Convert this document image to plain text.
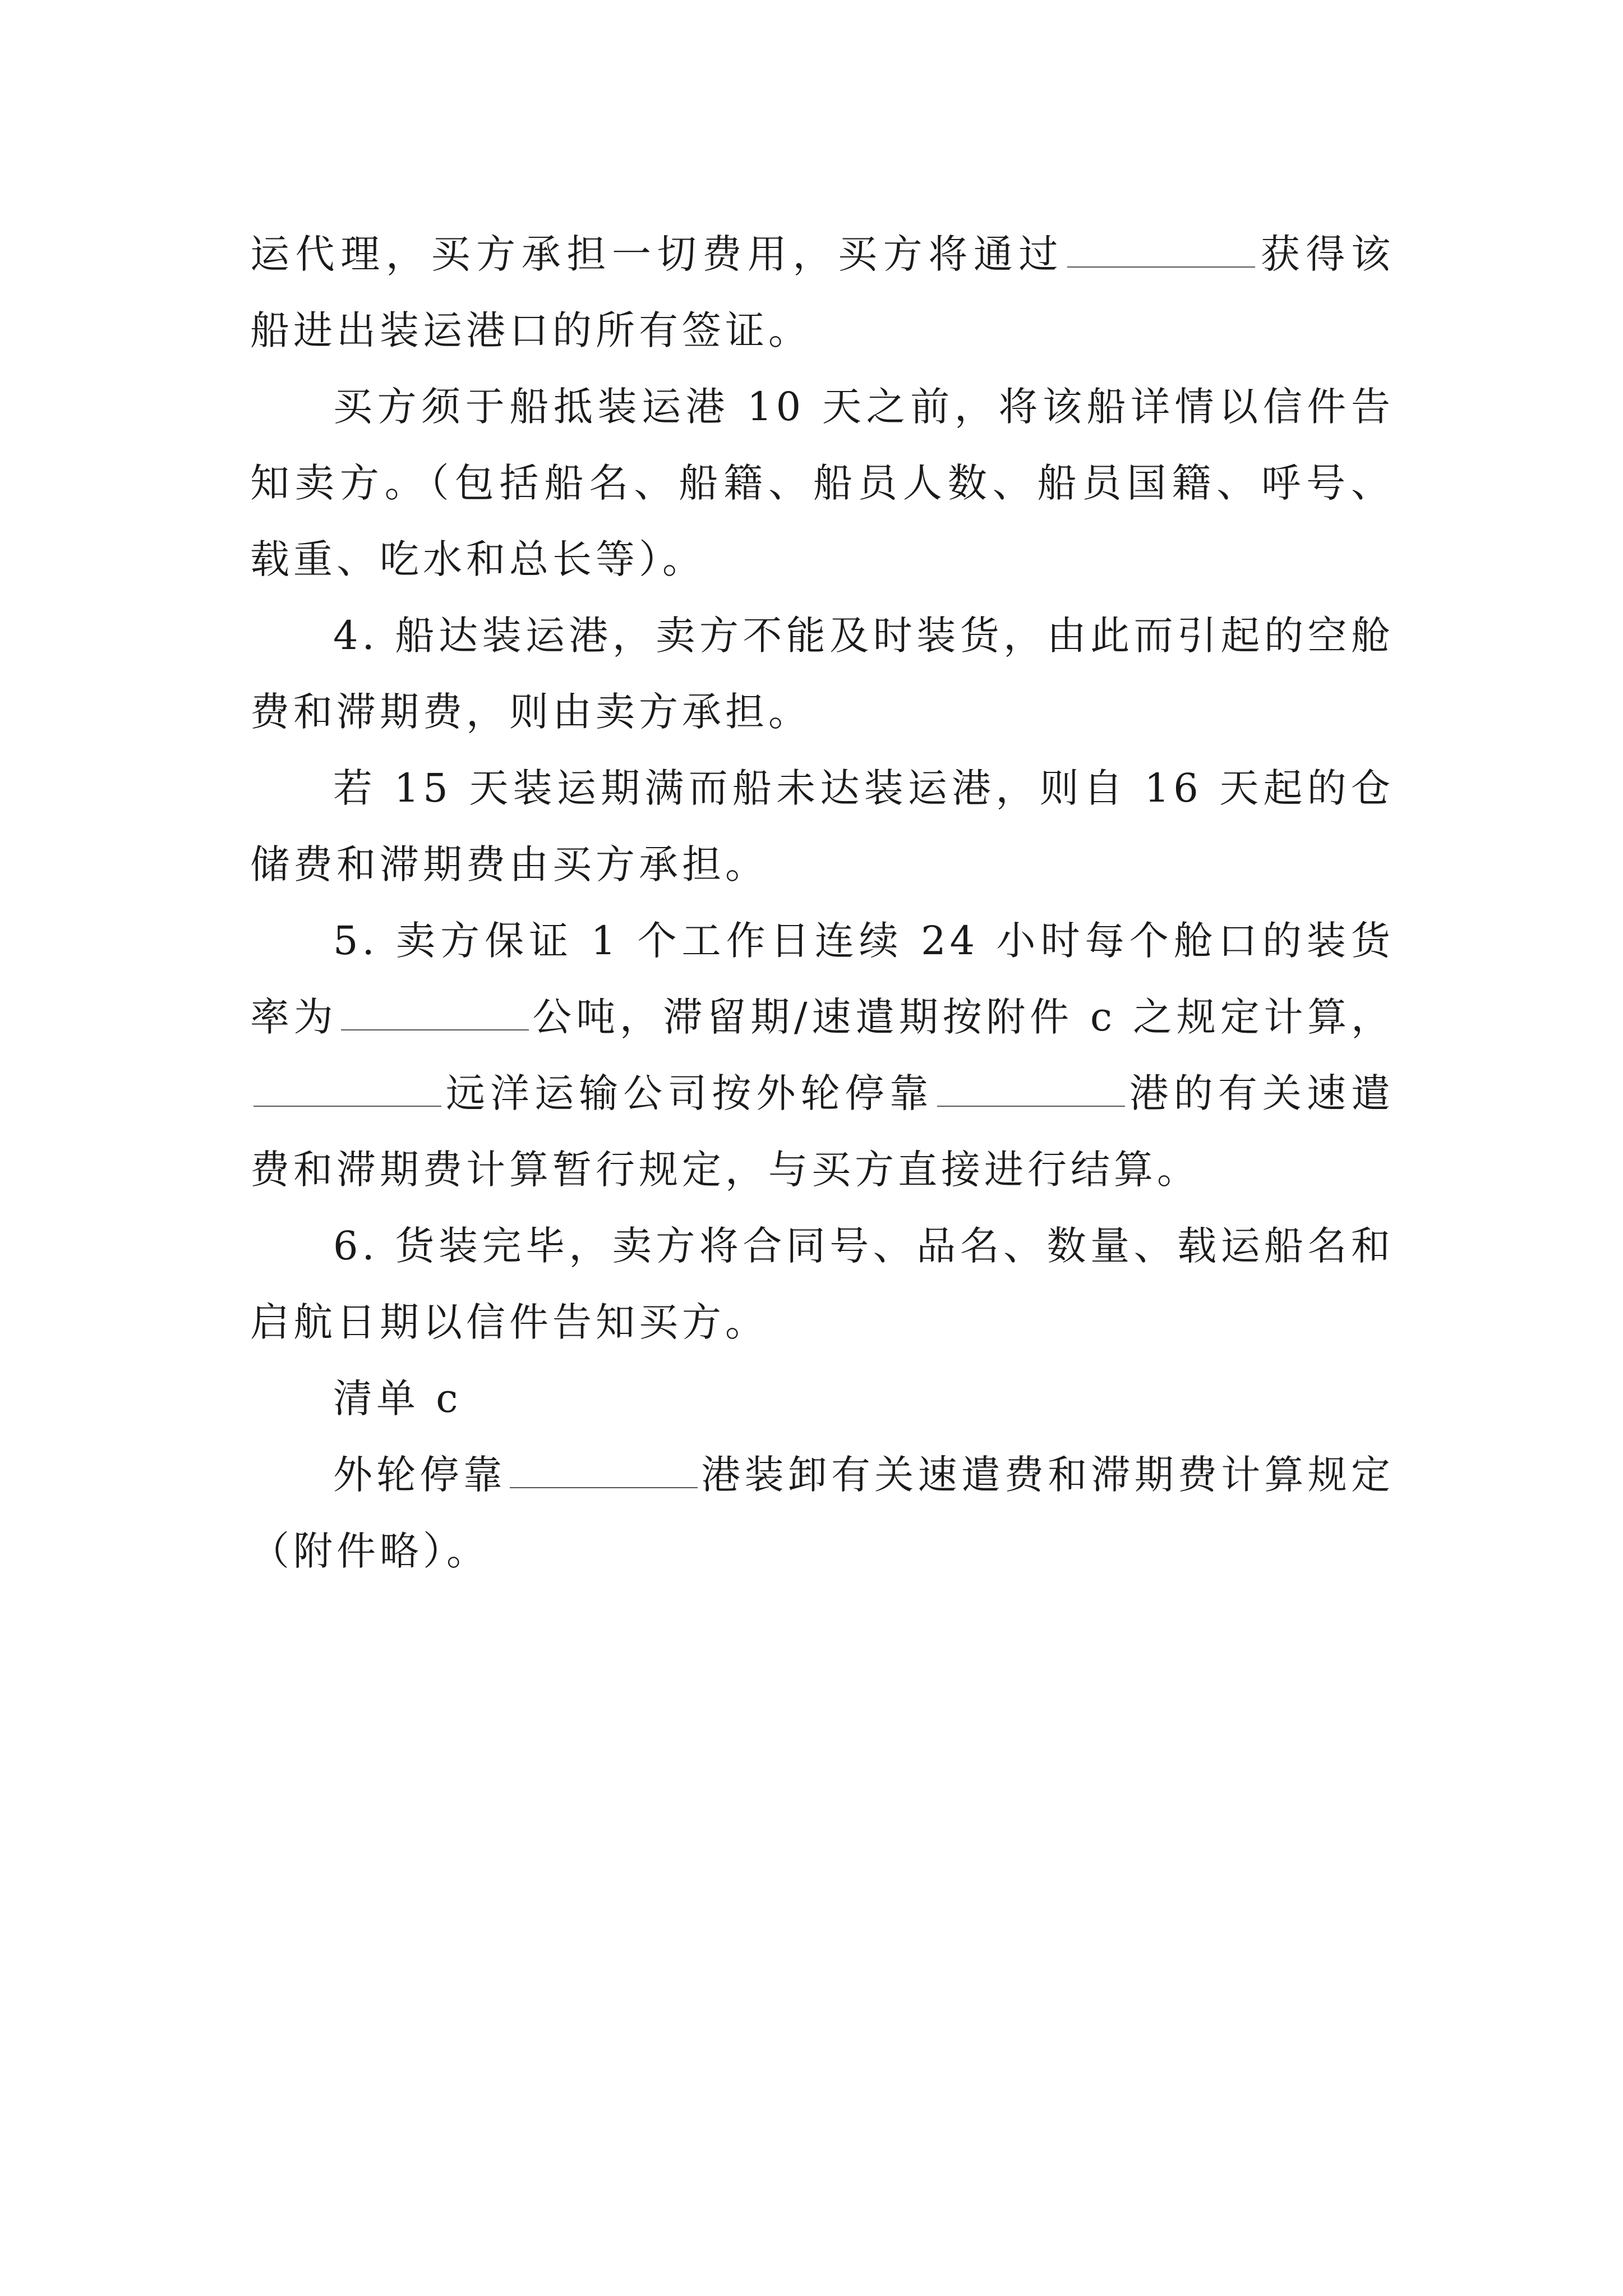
运代理，买方承担一切费用，买方将通过	获得该船进出装运港口的所有签证。

买方须于船抵装运港 10 天之前，将该船详情以信件告知卖方。（包括船名、船籍、船员人数、船员国籍、呼号、载重、吃水和总长等）。

4. 船达装运港，卖方不能及时装货，由此而引起的空舱费和滞期费，则由卖方承担。

若 15 天装运期满而船未达装运港，则自 16 天起的仓储费和滞期费由买方承担。

5. 卖方保证 1 个工作日连续 24 小时每个舱口的装货率为	公吨，滞留期/速遣期按附件 c 之规定计算，远洋运输公司按外轮停靠	港的有关速遣费和滞期费计算暂行规定，与买方直接进行结算。

6. 货装完毕，卖方将合同号、品名、数量、载运船名和启航日期以信件告知买方。

清单 c

外轮停靠	港装卸有关速遣费和滞期费计算规定（附件略）。
